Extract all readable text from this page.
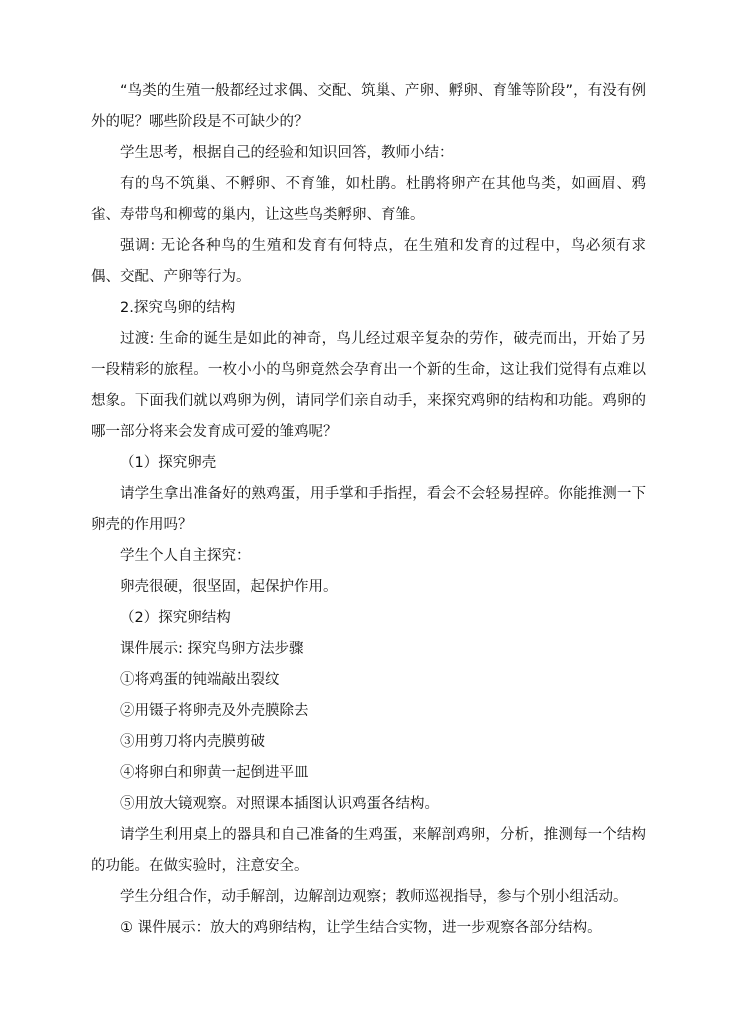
“鸟类的生殖一般都经过求偶、交配、筑巢、产卵、孵卵、育雏等阶段”，有没有例外的呢？哪些阶段是不可缺少的？

学生思考，根据自己的经验和知识回答，教师小结：

有的鸟不筑巢、不孵卵、不育雏，如杜鹃。杜鹃将卵产在其他鸟类，如画眉、鸦雀、寿带鸟和柳莺的巢内，让这些鸟类孵卵、育雏。

强调: 无论各种鸟的生殖和发育有何特点，在生殖和发育的过程中，鸟必须有求偶、交配、产卵等行为。

2.探究鸟卵的结构

过渡: 生命的诞生是如此的神奇，鸟儿经过艰辛复杂的劳作，破壳而出，开始了另一段精彩的旅程。一枚小小的鸟卵竟然会孕育出一个新的生命，这让我们觉得有点难以想象。下面我们就以鸡卵为例，请同学们亲自动手，来探究鸡卵的结构和功能。鸡卵的哪一部分将来会发育成可爱的雏鸡呢？

（1）探究卵壳

请学生拿出准备好的熟鸡蛋，用手掌和手指捏，看会不会轻易捏碎。你能推测一下卵壳的作用吗？

学生个人自主探究：

卵壳很硬，很坚固，起保护作用。

（2）探究卵结构

课件展示: 探究鸟卵方法步骤

①将鸡蛋的钝端敲出裂纹

②用镊子将卵壳及外壳膜除去

③用剪刀将内壳膜剪破

④将卵白和卵黄一起倒进平皿

⑤用放大镜观察。对照课本插图认识鸡蛋各结构。

请学生利用桌上的器具和自己准备的生鸡蛋，来解剖鸡卵，分析，推测每一个结构的功能。在做实验时，注意安全。

学生分组合作，动手解剖，边解剖边观察；教师巡视指导，参与个别小组活动。

① 课件展示：放大的鸡卵结构，让学生结合实物，进一步观察各部分结构。
